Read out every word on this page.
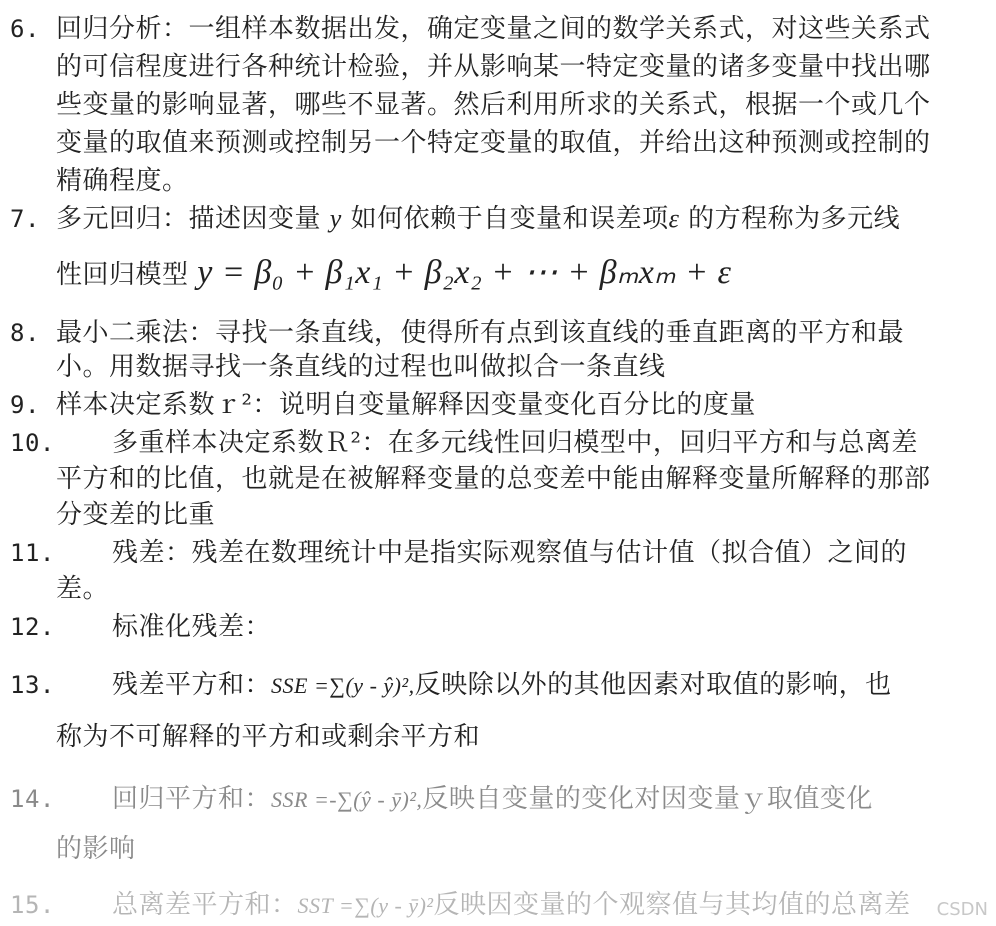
6. 回归分析：一组样本数据出发，确定变量之间的数学关系式，对这些关系式
的可信程度进行各种统计检验，并从影响某一特定变量的诸多变量中找出哪
些变量的影响显著，哪些不显著。然后利用所求的关系式，根据一个或几个
变量的取值来预测或控制另一个特定变量的取值，并给出这种预测或控制的
精确程度。
7. 多元回归：描述因变量 y 如何依赖于自变量和误差项ε 的方程称为多元线
性回归模型 y = β₀ + β₁x₁ + β₂x₂ + ⋯ + βₘxₘ + ε
8. 最小二乘法：寻找一条直线，使得所有点到该直线的垂直距离的平方和最
小。用数据寻找一条直线的过程也叫做拟合一条直线
9. 样本决定系数ｒ²：说明自变量解释因变量变化百分比的度量
10. 多重样本决定系数Ｒ²：在多元线性回归模型中，回归平方和与总离差
平方和的比值，也就是在被解释变量的总变差中能由解释变量所解释的那部
分变差的比重
11. 残差：残差在数理统计中是指实际观察值与估计值（拟合值）之间的
差。
12. 标准化残差：
13. 残差平方和：SSE =∑(y - ŷ)²,反映除以外的其他因素对取值的影响，也
称为不可解释的平方和或剩余平方和
14. 回归平方和：SSR =-∑(ŷ - ȳ)²,反映自变量的变化对因变量ｙ取值变化
的影响
15. 总离差平方和：SST =∑(y - ȳ)²反映因变量的个观察值与其均值的总离差 CSDN
